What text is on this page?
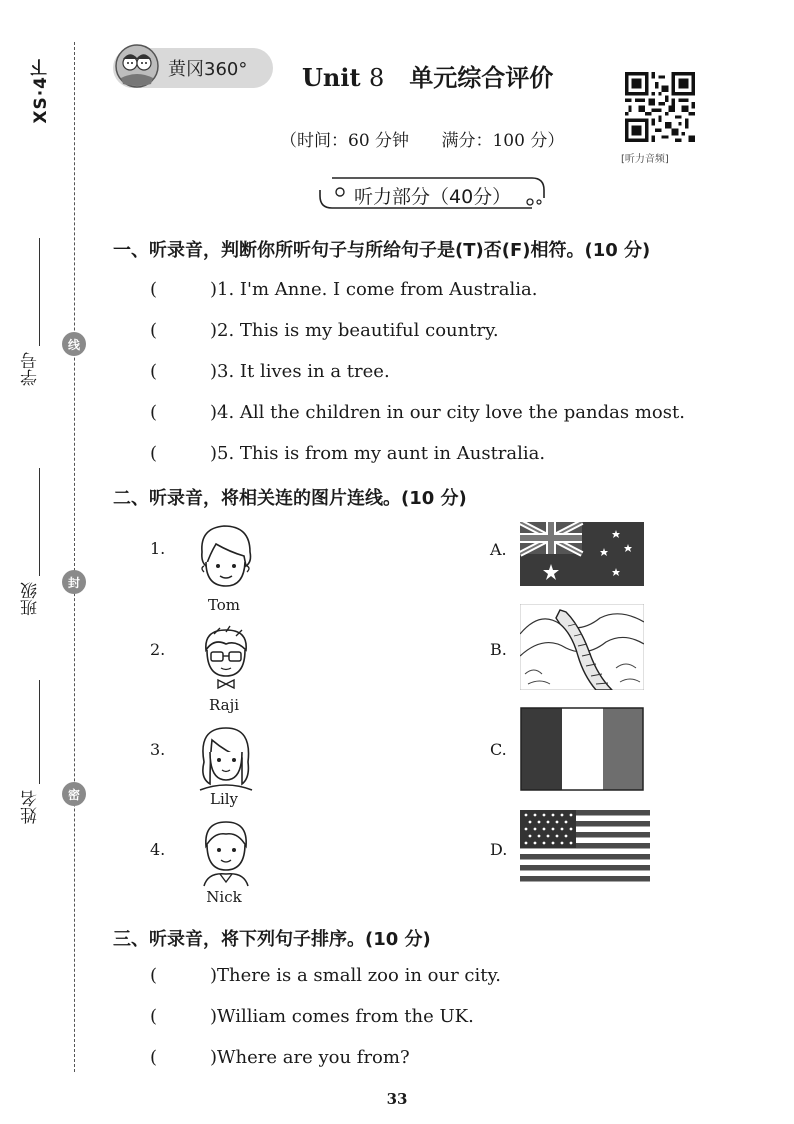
XS·4下
学号
班级
姓名
线
封
密
黄冈360° Unit 8 单元综合评价
（时间：60 分钟 满分：100 分）
[听力音频]
听力部分（40分）
一、听录音，判断你所听句子与所给句子是(T)否(F)相符。(10 分)
(	)1. I'm Anne. I come from Australia.
(	)2. This is my beautiful country.
(	)3. It lives in a tree.
(	)4. All the children in our city love the pandas most.
(	)5. This is from my aunt in Australia.
二、听录音，将相关连的图片连线。(10 分)
1.
Tom
2.
Raji
3.
Lily
4.
Nick
A.
B.
C.
D.
三、听录音，将下列句子排序。(10 分)
(	)There is a small zoo in our city.
(	)William comes from the UK.
(	)Where are you from?
33
